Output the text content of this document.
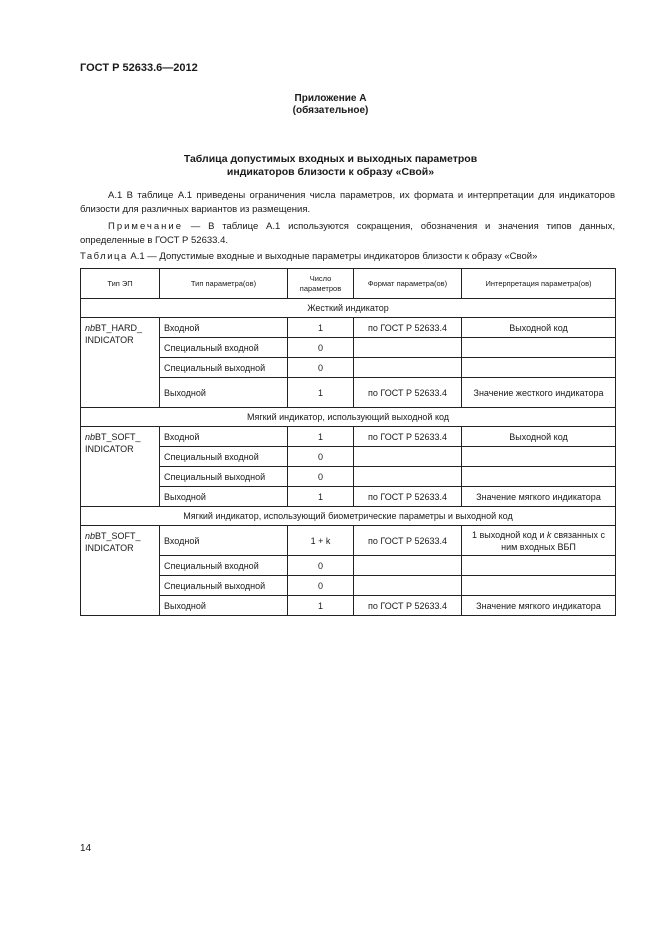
ГОСТ Р 52633.6—2012
Приложение А
(обязательное)
Таблица допустимых входных и выходных параметров
индикаторов близости к образу «Свой»
А.1 В таблице А.1 приведены ограничения числа параметров, их формата и интерпретации для индикаторов близости для различных вариантов из размещения.
Примечание — В таблице А.1 используются сокращения, обозначения и значения типов данных, определенные в ГОСТ Р 52633.4.
Таблица А.1 — Допустимые входные и выходные параметры индикаторов близости к образу «Свой»
Тип ЭП	Тип параметра(ов)	Число параметров	Формат параметра(ов)	Интерпретация параметра(ов)
Жесткий индикатор				
nbBT_HARD_ INDICATOR	Входной	1	по ГОСТ Р 52633.4	Выходной код
	Специальный входной	0		
	Специальный выходной	0		
	Выходной	1	по ГОСТ Р 52633.4	Значение жесткого индикатора
Мягкий индикатор, использующий выходной код				
nbBT_SOFT_ INDICATOR	Входной	1	по ГОСТ Р 52633.4	Выходной код
	Специальный входной	0		
	Специальный выходной	0		
	Выходной	1	по ГОСТ Р 52633.4	Значение мягкого индикатора
Мягкий индикатор, использующий биометрические параметры и выходной код				
nbBT_SOFT_ INDICATOR	Входной	1 + k	по ГОСТ Р 52633.4	1 выходной код и k связанных с ним входных ВБП
	Специальный входной	0		
	Специальный выходной	0		
	Выходной	1	по ГОСТ Р 52633.4	Значение мягкого индикатора
14
